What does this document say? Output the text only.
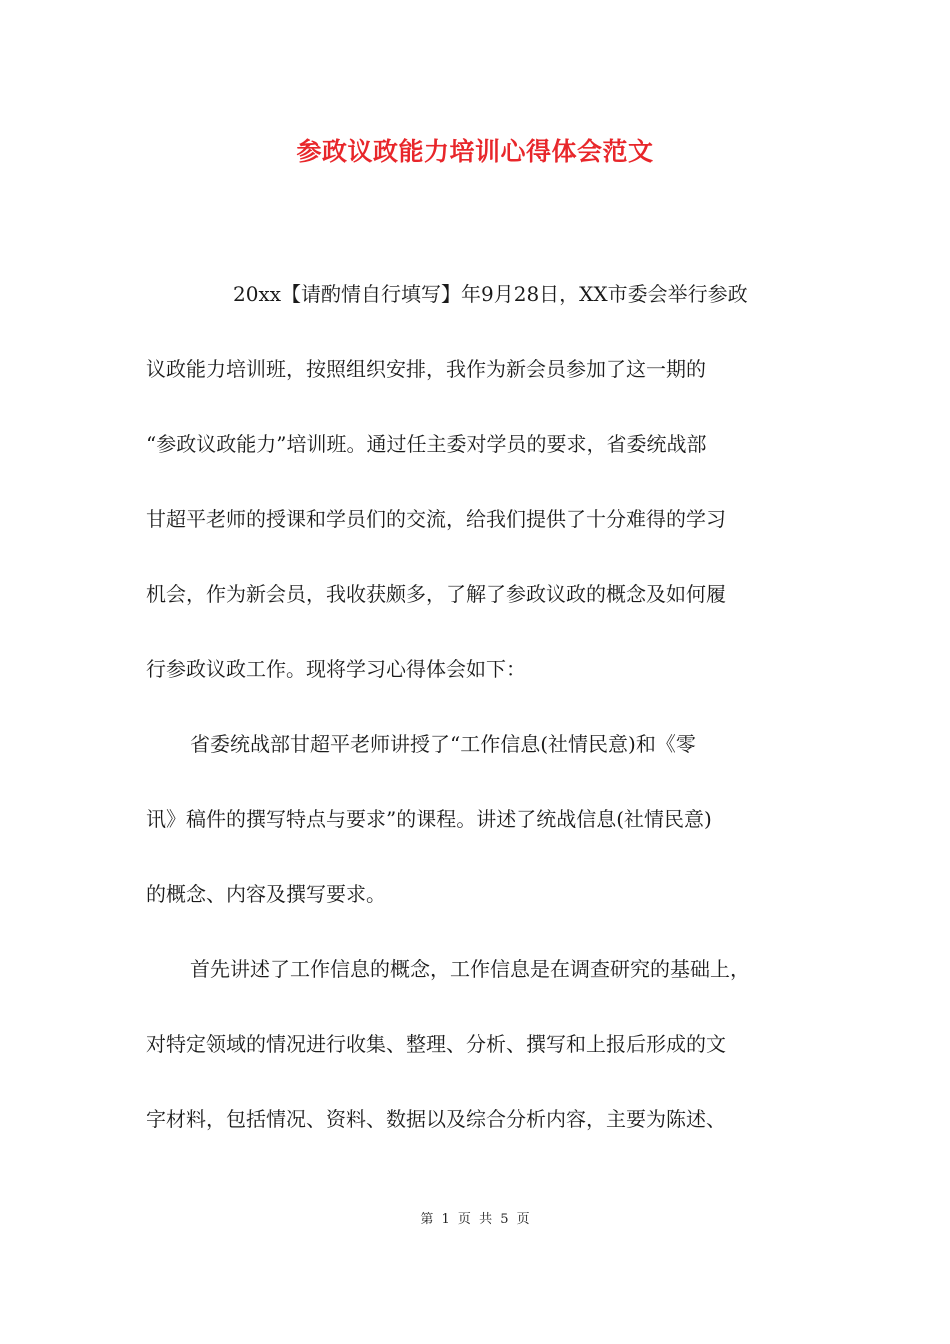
参政议政能力培训心得体会范文

20xx【请酌情自行填写】年9月28日，XX市委会举行参政

议政能力培训班，按照组织安排，我作为新会员参加了这一期的

“参政议政能力”培训班。通过任主委对学员的要求，省委统战部

甘超平老师的授课和学员们的交流，给我们提供了十分难得的学习

机会，作为新会员，我收获颇多，了解了参政议政的概念及如何履

行参政议政工作。现将学习心得体会如下：

省委统战部甘超平老师讲授了“工作信息(社情民意)和《零

讯》稿件的撰写特点与要求”的课程。讲述了统战信息(社情民意)

的概念、内容及撰写要求。

首先讲述了工作信息的概念，工作信息是在调查研究的基础上，

对特定领域的情况进行收集、整理、分析、撰写和上报后形成的文

字材料，包括情况、资料、数据以及综合分析内容，主要为陈述、

第 1 页 共 5 页
